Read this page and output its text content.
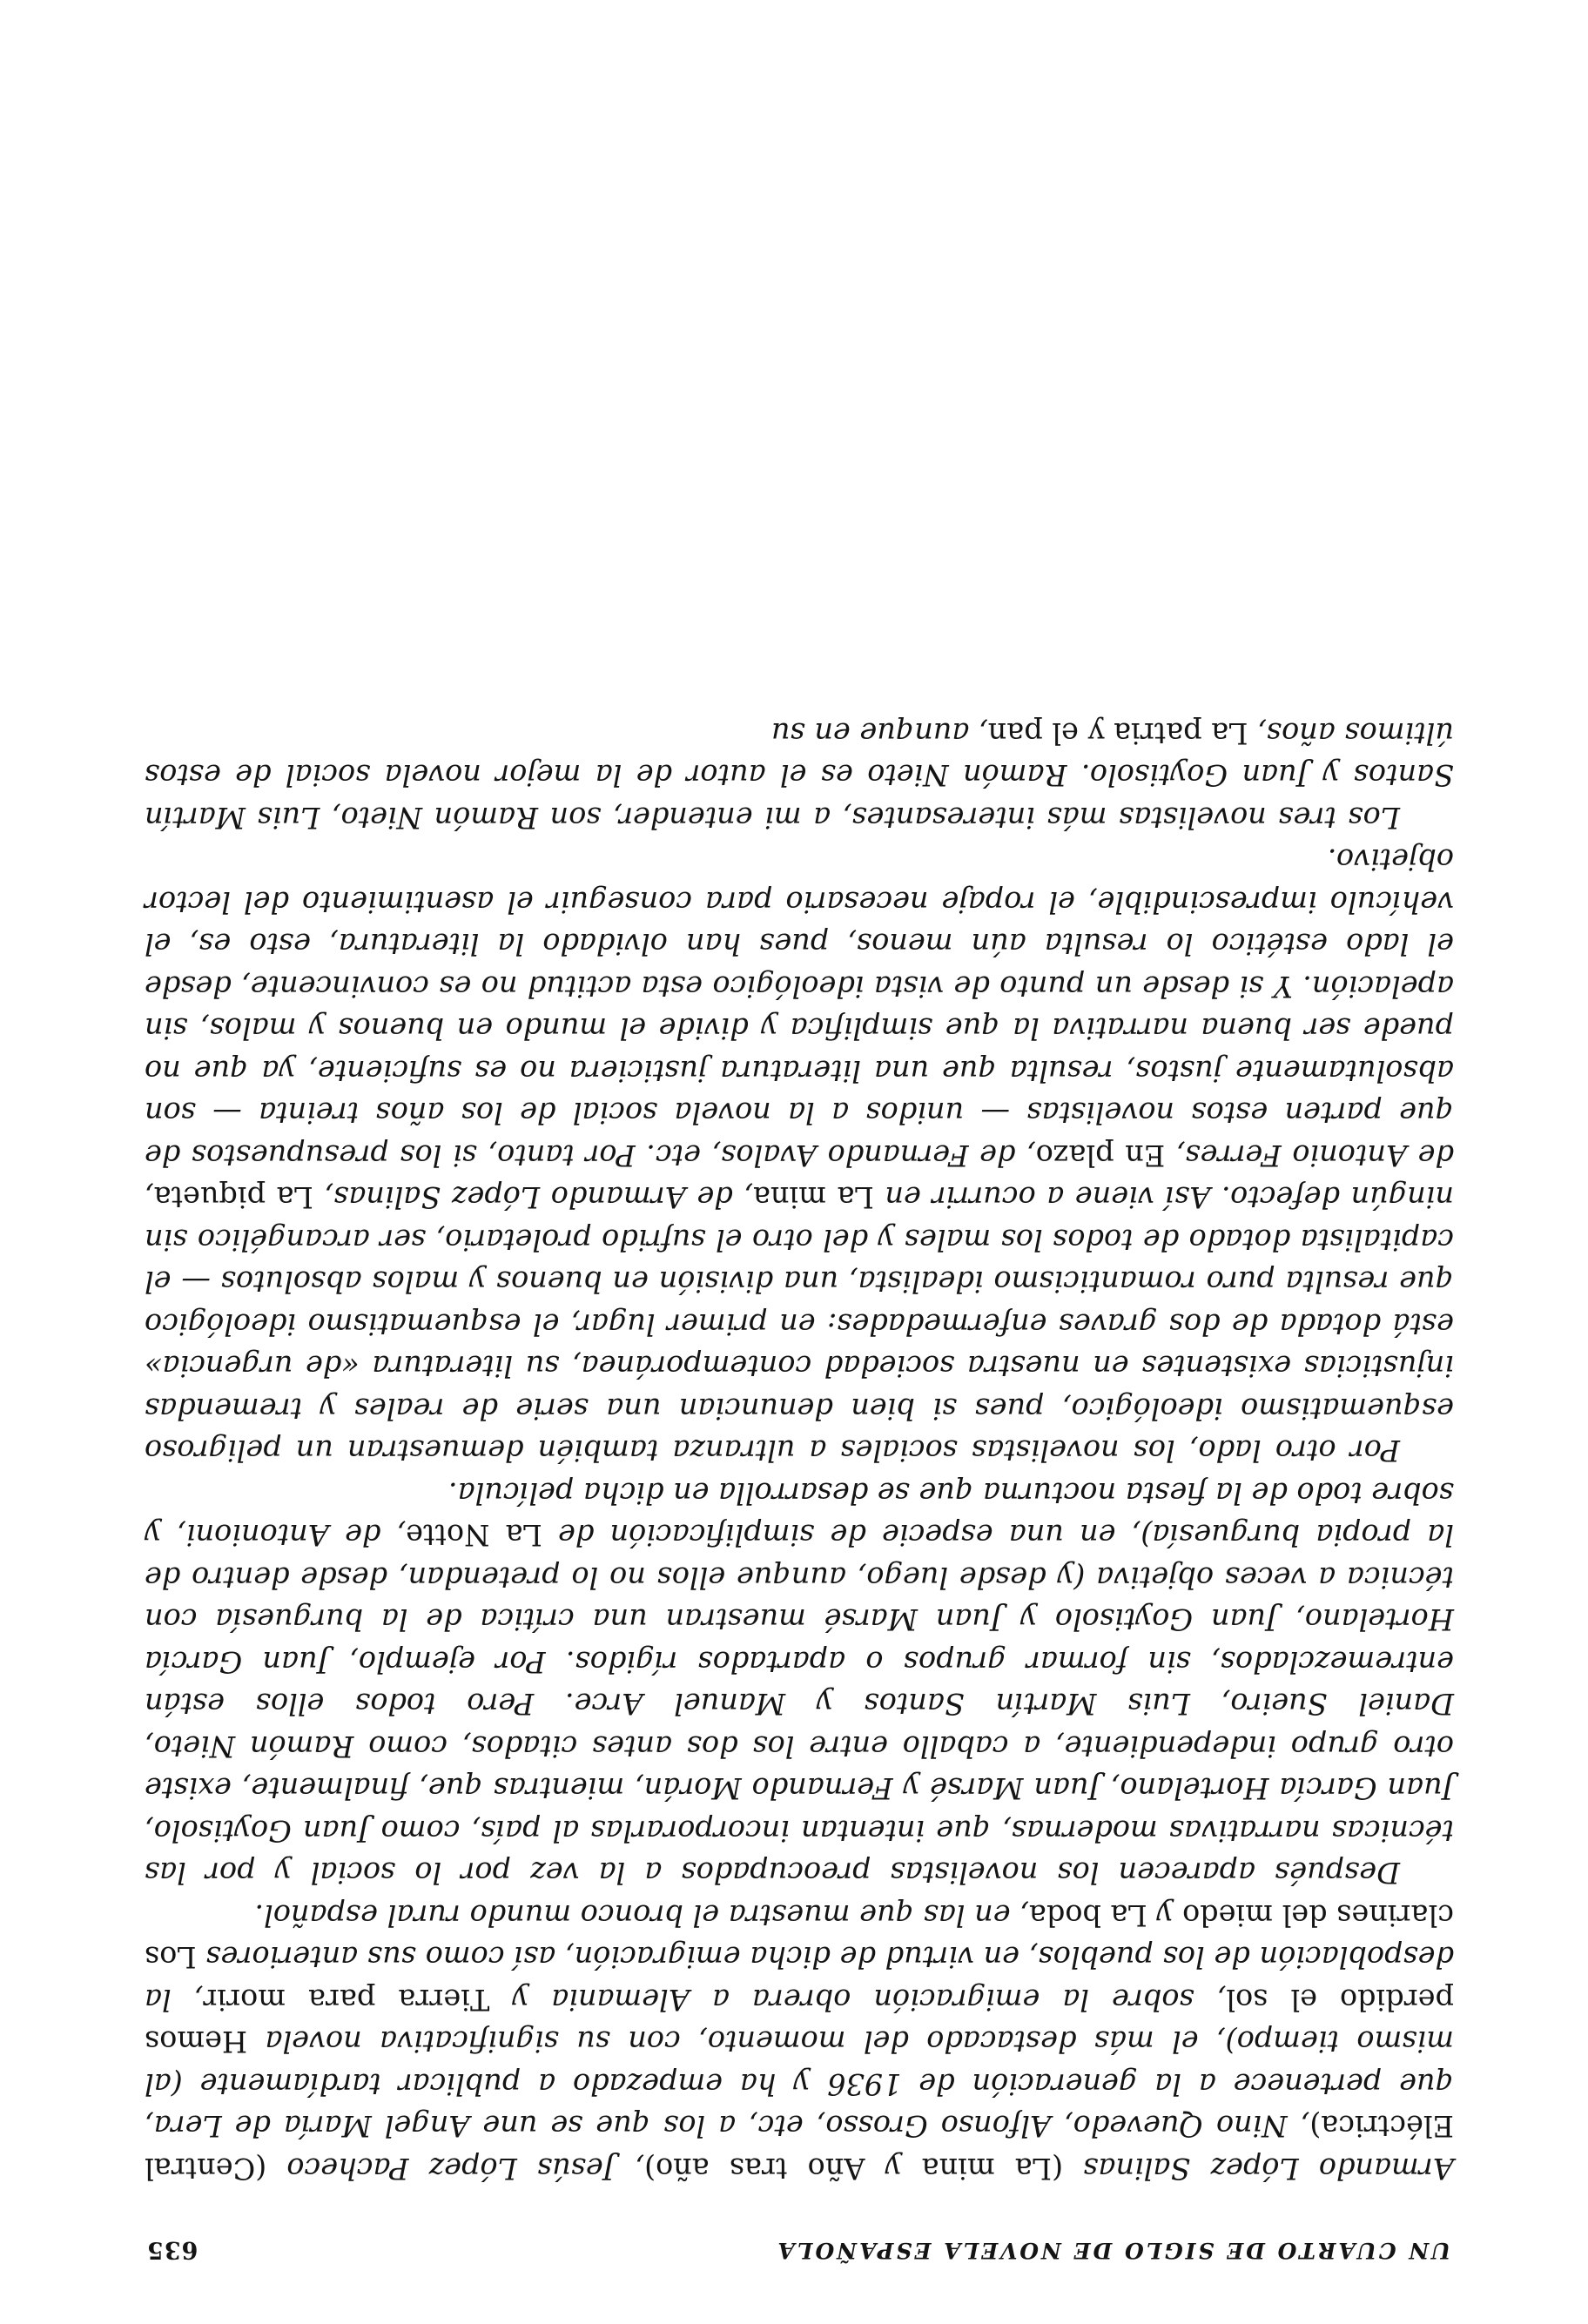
UN CUARTO DE SIGLO DE NOVELA ESPAÑOLA
635

Armando López Salinas (La mina y Año tras año), Jesús López Pacheco (Central Eléctrica), Nino Quevedo, Alfonso Grosso, etc, a los que se une Angel María de Lera, que pertenece a la generación de 1936 y ha empezado a publicar tardíamente (al mismo tiempo), el más destacado del momento, con su significativa novela Hemos perdido el sol, sobre la emigración obrera a Alemania y Tierra para morir, la despoblación de los pueblos, en virtud de dicha emigración, así como sus anteriores Los clarines del miedo y La boda, en las que muestra el bronco mundo rural español.

Después aparecen los novelistas preocupados a la vez por lo social y por las técnicas narrativas modernas, que intentan incorporarlas al país, como Juan Goytisolo, Juan García Hortelano, Juan Marsé y Fernando Morán, mientras que, finalmente, existe otro grupo independiente, a caballo entre los dos antes citados, como Ramón Nieto, Daniel Sueiro, Luis Martín Santos y Manuel Arce. Pero todos ellos están entremezclados, sin formar grupos o apartados rígidos. Por ejemplo, Juan García Hortelano, Juan Goytisolo y Juan Marsé muestran una crítica de la burguesía con técnica a veces objetiva (y desde luego, aunque ellos no lo pretendan, desde dentro de la propia burguesía), en una especie de simplificación de La Notte, de Antonioni, y sobre todo de la fiesta nocturna que se desarrolla en dicha película.

Por otro lado, los novelistas sociales a ultranza también demuestran un peligroso esquematismo ideológico, pues si bien denuncian una serie de reales y tremendas injusticias existentes en nuestra sociedad contemporánea, su literatura «de urgencia» está dotada de dos graves enfermedades: en primer lugar, el esquematismo ideológico que resulta puro romanticismo idealista, una división en buenos y malos absolutos — el capitalista dotado de todos los males y del otro el sufrido proletario, ser arcangélico sin ningún defecto. Así viene a ocurrir en La mina, de Armando López Salinas, La piqueta, de Antonio Ferres, En plazo, de Fernando Avalos, etc. Por tanto, si los presupuestos de que parten estos novelistas — unidos a la novela social de los años treinta — son absolutamente justos, resulta que una literatura justiciera no es suficiente, ya que no puede ser buena narrativa la que simplifica y divide el mundo en buenos y malos, sin apelación. Y si desde un punto de vista ideológico esta actitud no es convincente, desde el lado estético lo resulta aún menos, pues han olvidado la literatura, esto es, el vehículo imprescindible, el ropaje necesario para conseguir el asentimiento del lector objetivo.

Los tres novelistas más interesantes, a mi entender, son Ramón Nieto, Luis Martín Santos y Juan Goytisolo. Ramón Nieto es el autor de la mejor novela social de estos últimos años, La patria y el pan, aunque en su
